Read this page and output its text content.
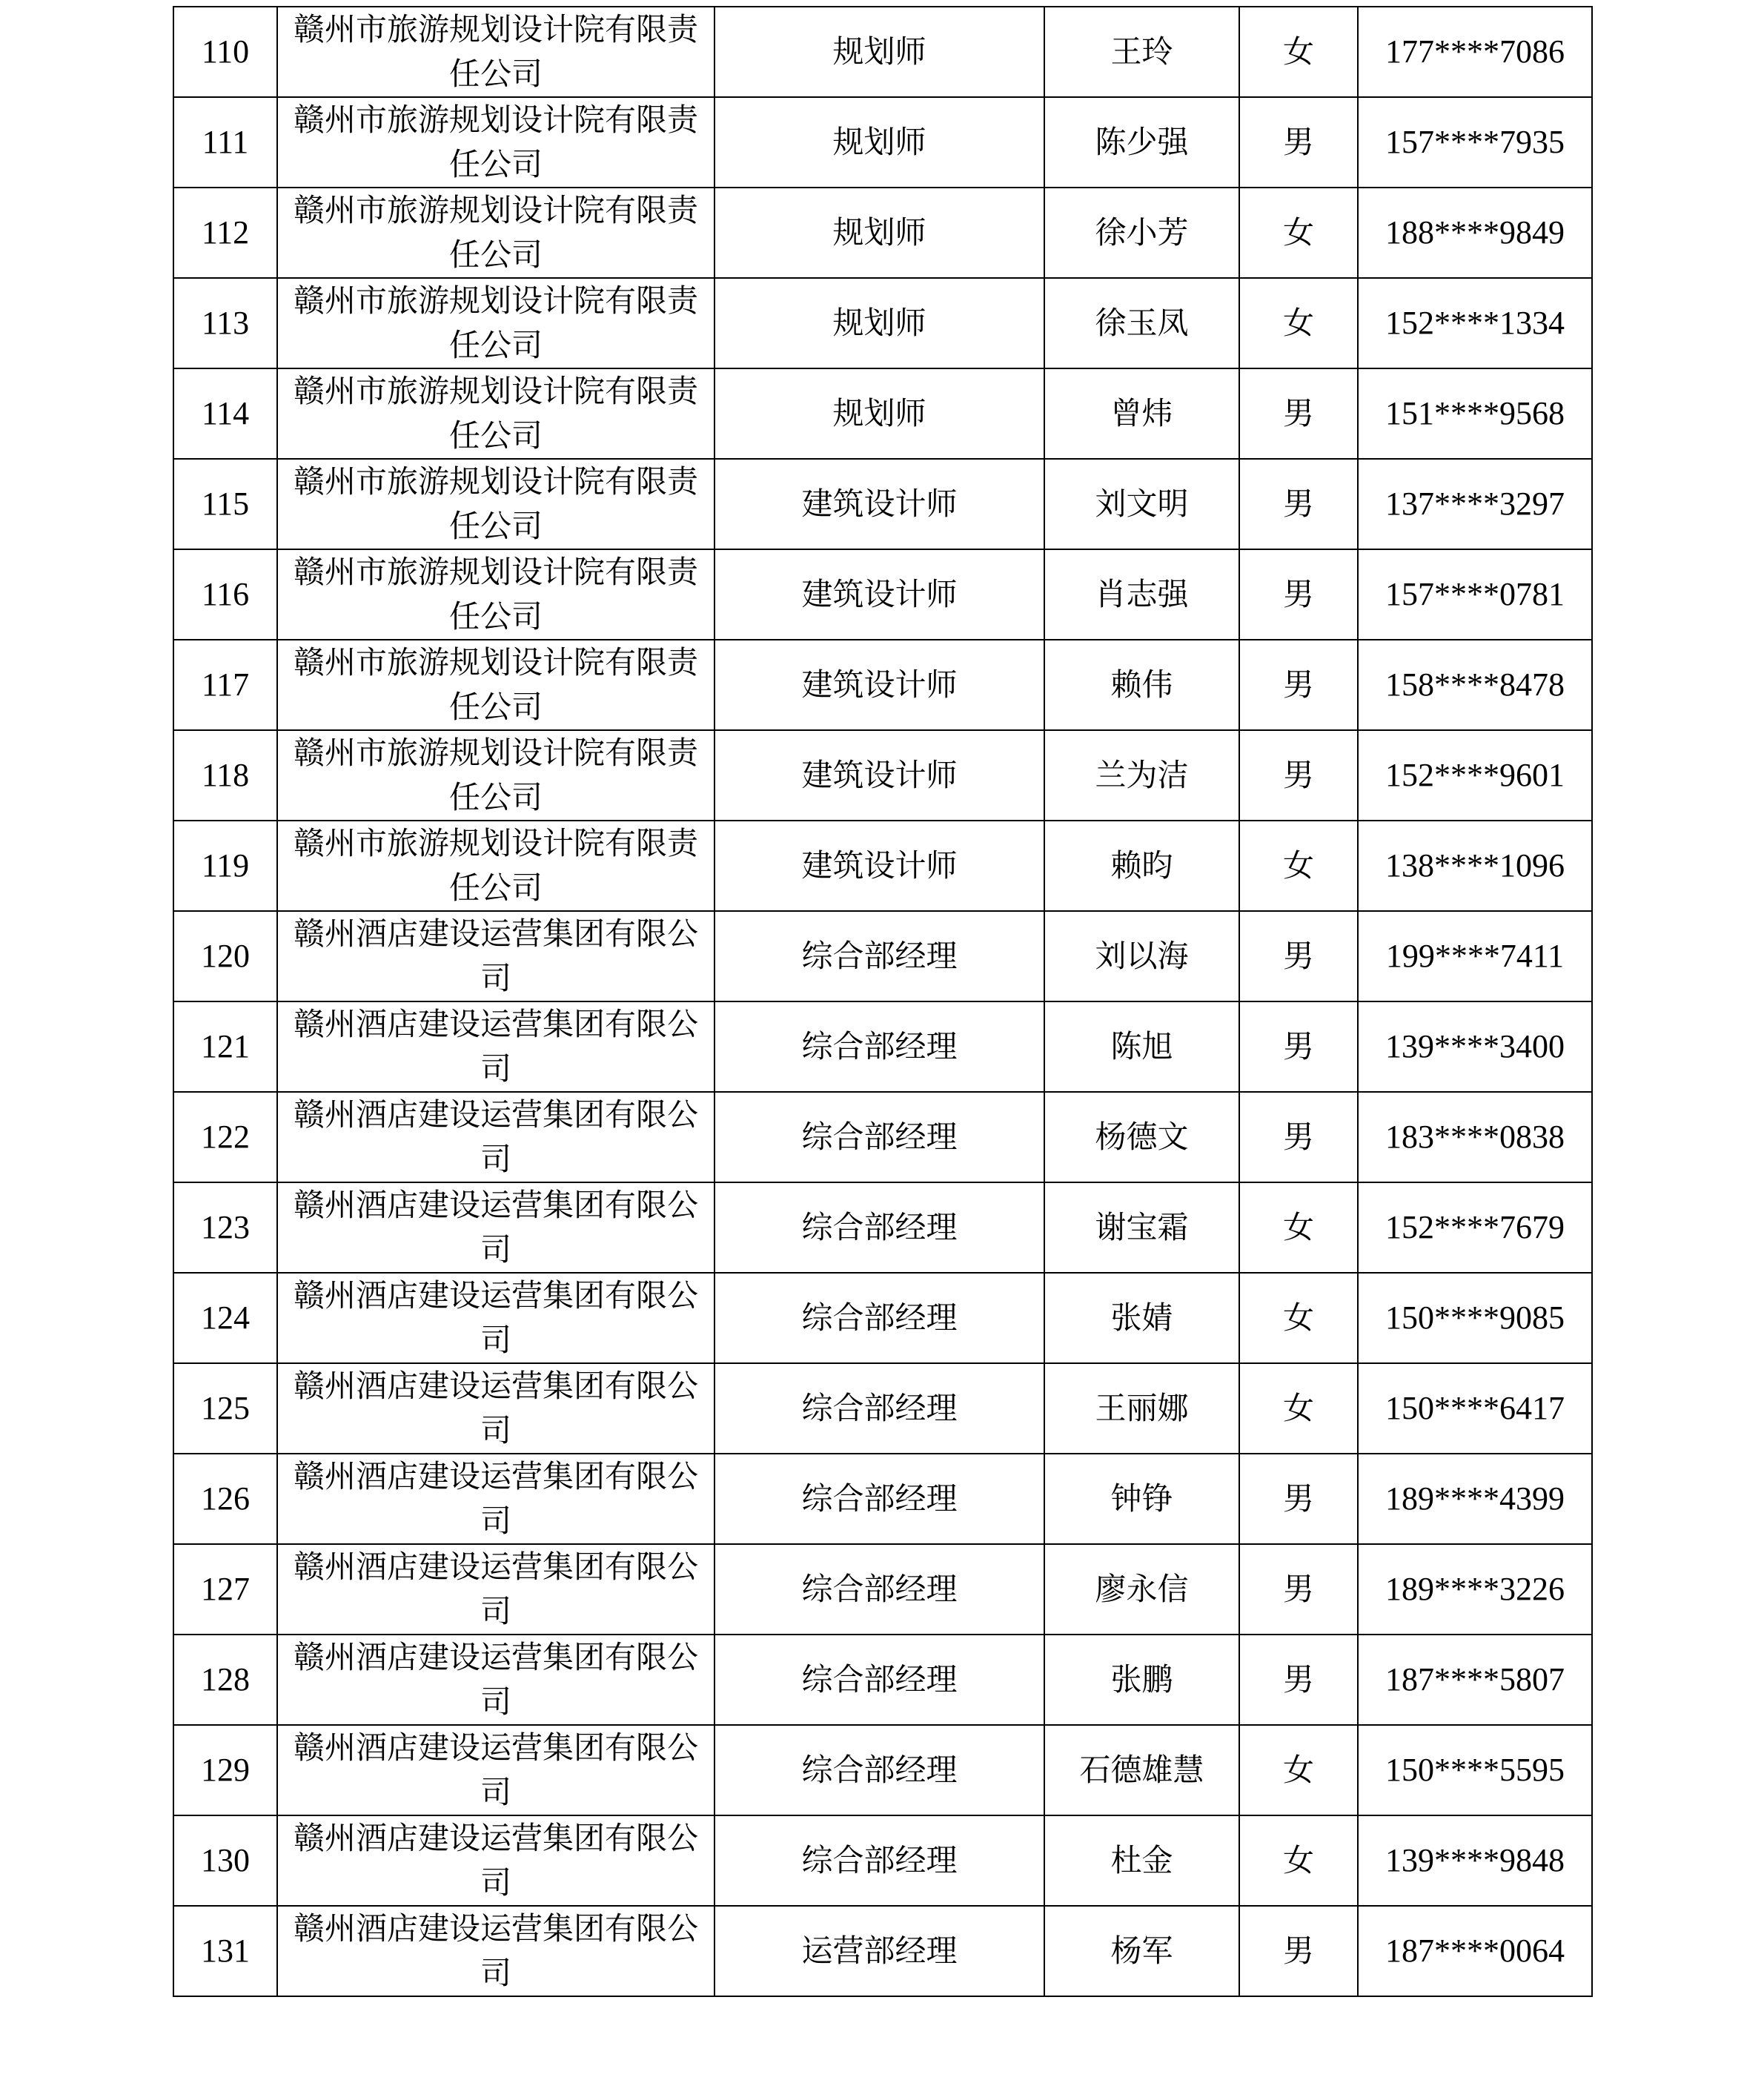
110	赣州市旅游规划设计院有限责任公司	规划师	王玲	女	177****7086
111	赣州市旅游规划设计院有限责任公司	规划师	陈少强	男	157****7935
112	赣州市旅游规划设计院有限责任公司	规划师	徐小芳	女	188****9849
113	赣州市旅游规划设计院有限责任公司	规划师	徐玉凤	女	152****1334
114	赣州市旅游规划设计院有限责任公司	规划师	曾炜	男	151****9568
115	赣州市旅游规划设计院有限责任公司	建筑设计师	刘文明	男	137****3297
116	赣州市旅游规划设计院有限责任公司	建筑设计师	肖志强	男	157****0781
117	赣州市旅游规划设计院有限责任公司	建筑设计师	赖伟	男	158****8478
118	赣州市旅游规划设计院有限责任公司	建筑设计师	兰为洁	男	152****9601
119	赣州市旅游规划设计院有限责任公司	建筑设计师	赖昀	女	138****1096
120	赣州酒店建设运营集团有限公司	综合部经理	刘以海	男	199****7411
121	赣州酒店建设运营集团有限公司	综合部经理	陈旭	男	139****3400
122	赣州酒店建设运营集团有限公司	综合部经理	杨德文	男	183****0838
123	赣州酒店建设运营集团有限公司	综合部经理	谢宝霜	女	152****7679
124	赣州酒店建设运营集团有限公司	综合部经理	张婧	女	150****9085
125	赣州酒店建设运营集团有限公司	综合部经理	王丽娜	女	150****6417
126	赣州酒店建设运营集团有限公司	综合部经理	钟铮	男	189****4399
127	赣州酒店建设运营集团有限公司	综合部经理	廖永信	男	189****3226
128	赣州酒店建设运营集团有限公司	综合部经理	张鹏	男	187****5807
129	赣州酒店建设运营集团有限公司	综合部经理	石德雄慧	女	150****5595
130	赣州酒店建设运营集团有限公司	综合部经理	杜金	女	139****9848
131	赣州酒店建设运营集团有限公司	运营部经理	杨军	男	187****0064
